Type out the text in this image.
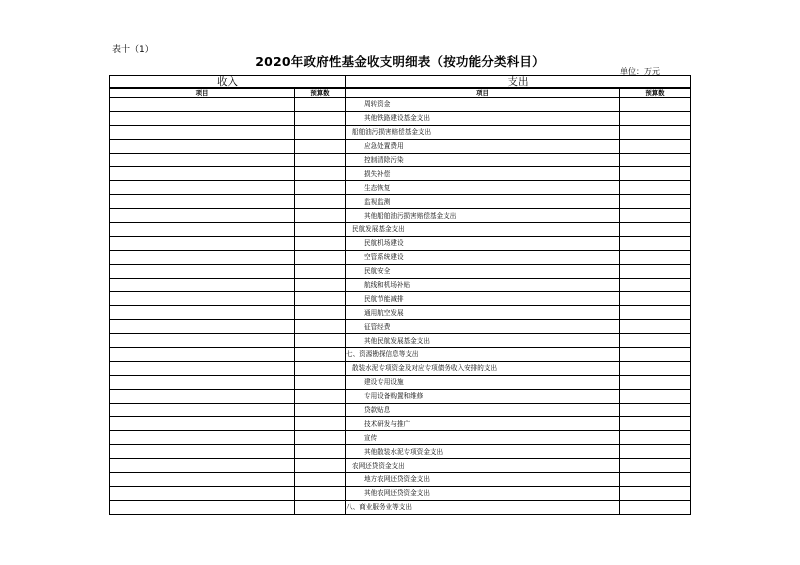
表十（1）
2020年政府性基金收支明细表（按功能分类科目）
单位：万元
收入		支出	
项目	预算数	项目	预算数
		周转资金	
		其他铁路建设基金支出	
		船舶油污损害赔偿基金支出	
		应急处置费用	
		控制清除污染	
		损失补偿	
		生态恢复	
		监视监测	
		其他船舶油污损害赔偿基金支出	
		民航发展基金支出	
		民航机场建设	
		空管系统建设	
		民航安全	
		航线和机场补贴	
		民航节能减排	
		通用航空发展	
		征管经费	
		其他民航发展基金支出	
		七、资源勘探信息等支出	
		散装水泥专项资金及对应专项债务收入安排的支出	
		建设专用设施	
		专用设备购置和维修	
		贷款贴息	
		技术研发与推广	
		宣传	
		其他散装水泥专项资金支出	
		农网还贷资金支出	
		地方农网还贷资金支出	
		其他农网还贷资金支出	
		八、商业服务业等支出	
